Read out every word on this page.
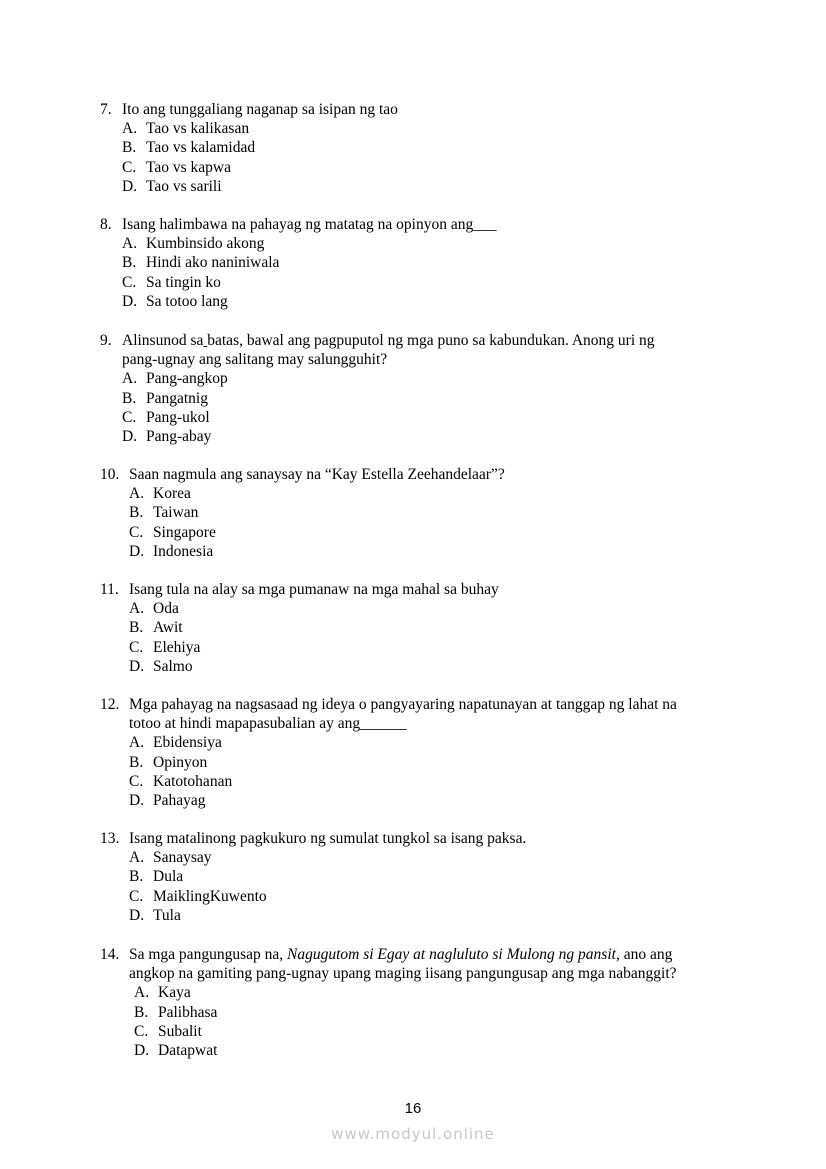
7. Ito ang tunggaliang naganap sa isipan ng tao
A. Tao vs kalikasan
B. Tao vs kalamidad
C. Tao vs kapwa
D. Tao vs sarili
8. Isang halimbawa na pahayag ng matatag na opinyon ang___
A. Kumbinsido akong
B. Hindi ako naniniwala
C. Sa tingin ko
D. Sa totoo lang
9. Alinsunod sa batas, bawal ang pagpuputol ng mga puno sa kabundukan. Anong uri ng
pang-ugnay ang salitang may salungguhit?
A. Pang-angkop
B. Pangatnig
C. Pang-ukol
D. Pang-abay
10. Saan nagmula ang sanaysay na “Kay Estella Zeehandelaar”?
A. Korea
B. Taiwan
C. Singapore
D. Indonesia
11. Isang tula na alay sa mga pumanaw na mga mahal sa buhay
A. Oda
B. Awit
C. Elehiya
D. Salmo
12. Mga pahayag na nagsasaad ng ideya o pangyayaring napatunayan at tanggap ng lahat na
totoo at hindi mapapasubalian ay ang______
A. Ebidensiya
B. Opinyon
C. Katotohanan
D. Pahayag
13. Isang matalinong pagkukuro ng sumulat tungkol sa isang paksa.
A. Sanaysay
B. Dula
C. MaiklingKuwento
D. Tula
14. Sa mga pangungusap na, Nagugutom si Egay at nagluluto si Mulong ng pansit, ano ang
angkop na gamiting pang-ugnay upang maging iisang pangungusap ang mga nabanggit?
A. Kaya
B. Palibhasa
C. Subalit
D. Datapwat
16
www.modyul.online
